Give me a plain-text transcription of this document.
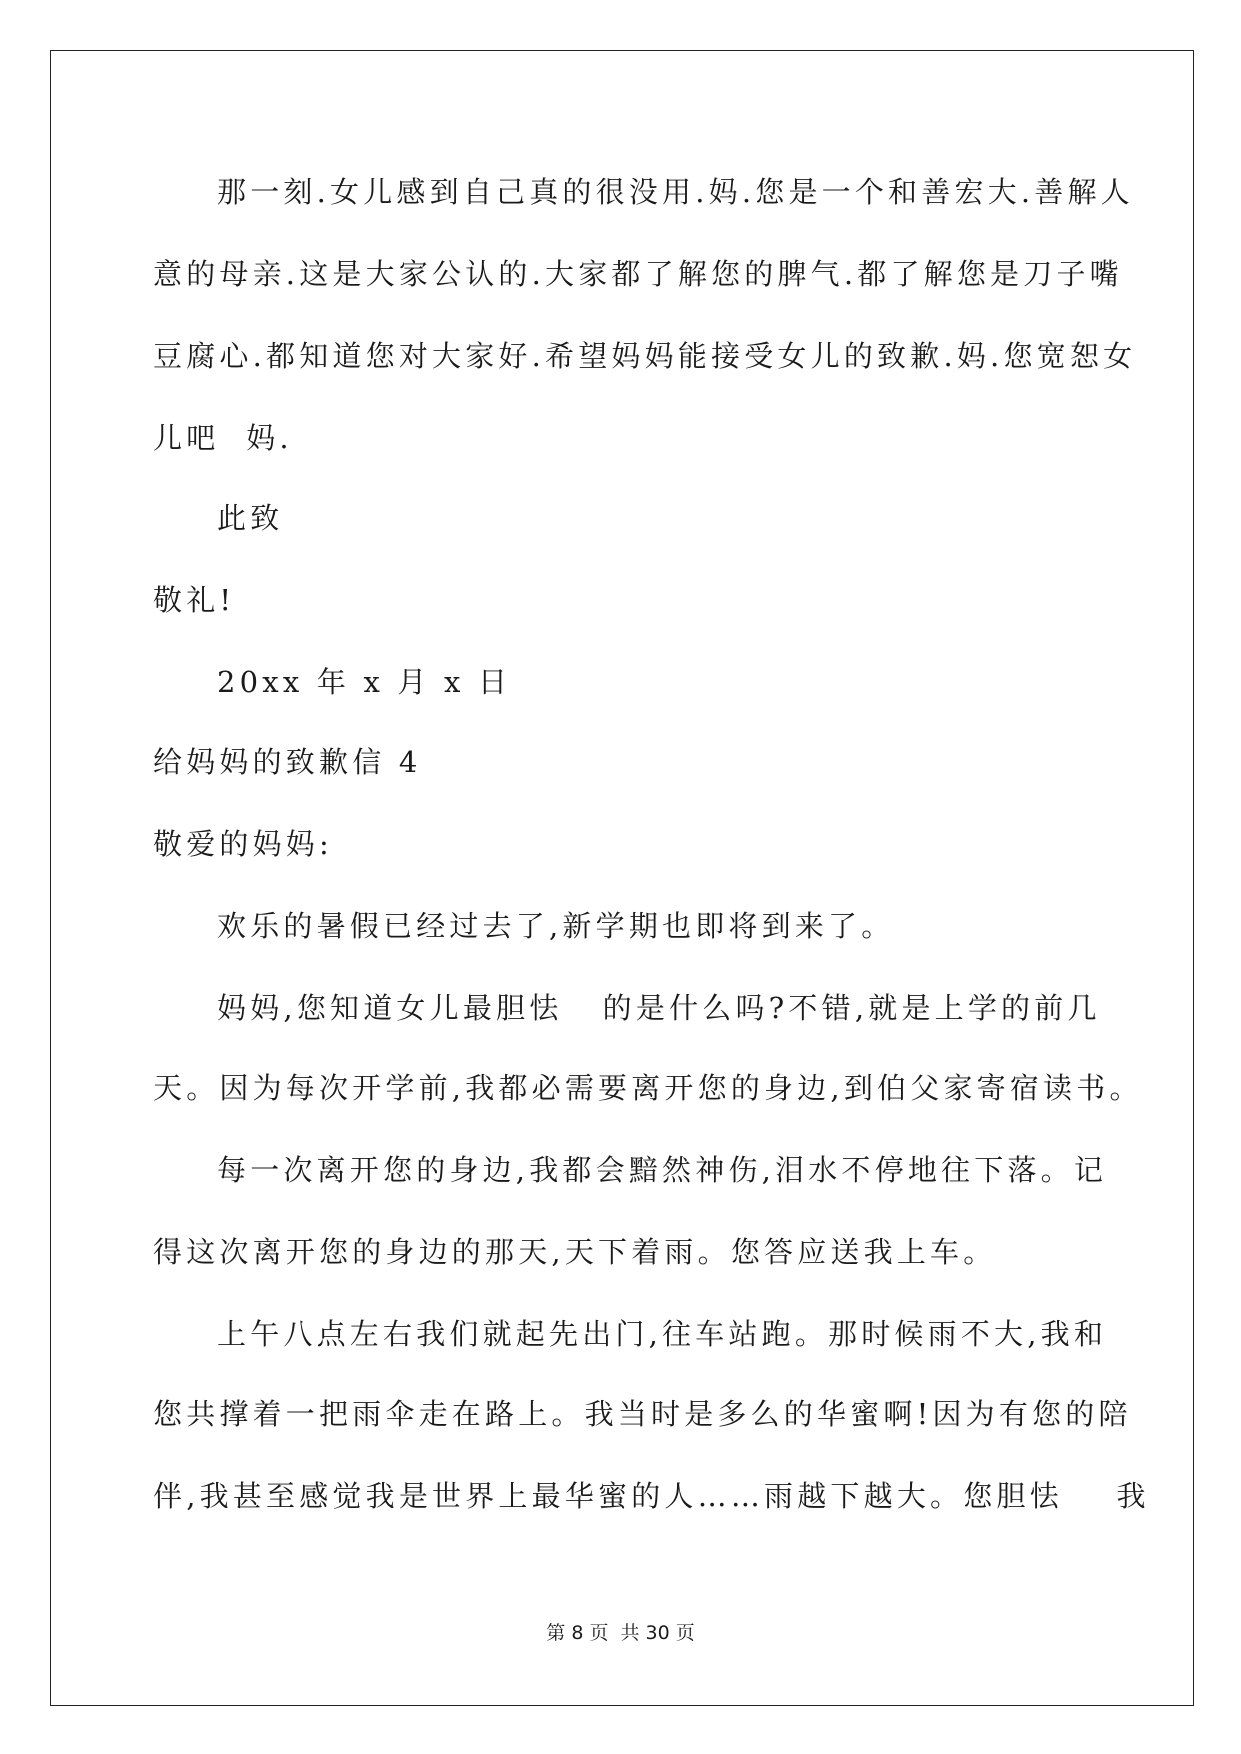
那一刻.女儿感到自己真的很没用.妈.您是一个和善宏大.善解人
意的母亲.这是大家公认的.大家都了解您的脾气.都了解您是刀子嘴
豆腐心.都知道您对大家好.希望妈妈能接受女儿的致歉.妈.您宽恕女
儿吧  妈.
此致
敬礼!
20xx 年 x 月 x 日
给妈妈的致歉信 4
敬爱的妈妈:
欢乐的暑假已经过去了,新学期也即将到来了。
妈妈,您知道女儿最胆怯   的是什么吗?不错,就是上学的前几
天。因为每次开学前,我都必需要离开您的身边,到伯父家寄宿读书。
每一次离开您的身边,我都会黯然神伤,泪水不停地往下落。记
得这次离开您的身边的那天,天下着雨。您答应送我上车。
上午八点左右我们就起先出门,往车站跑。那时候雨不大,我和
您共撑着一把雨伞走在路上。我当时是多么的华蜜啊!因为有您的陪
伴,我甚至感觉我是世界上最华蜜的人……雨越下越大。您胆怯    我
第 8 页 共 30 页
